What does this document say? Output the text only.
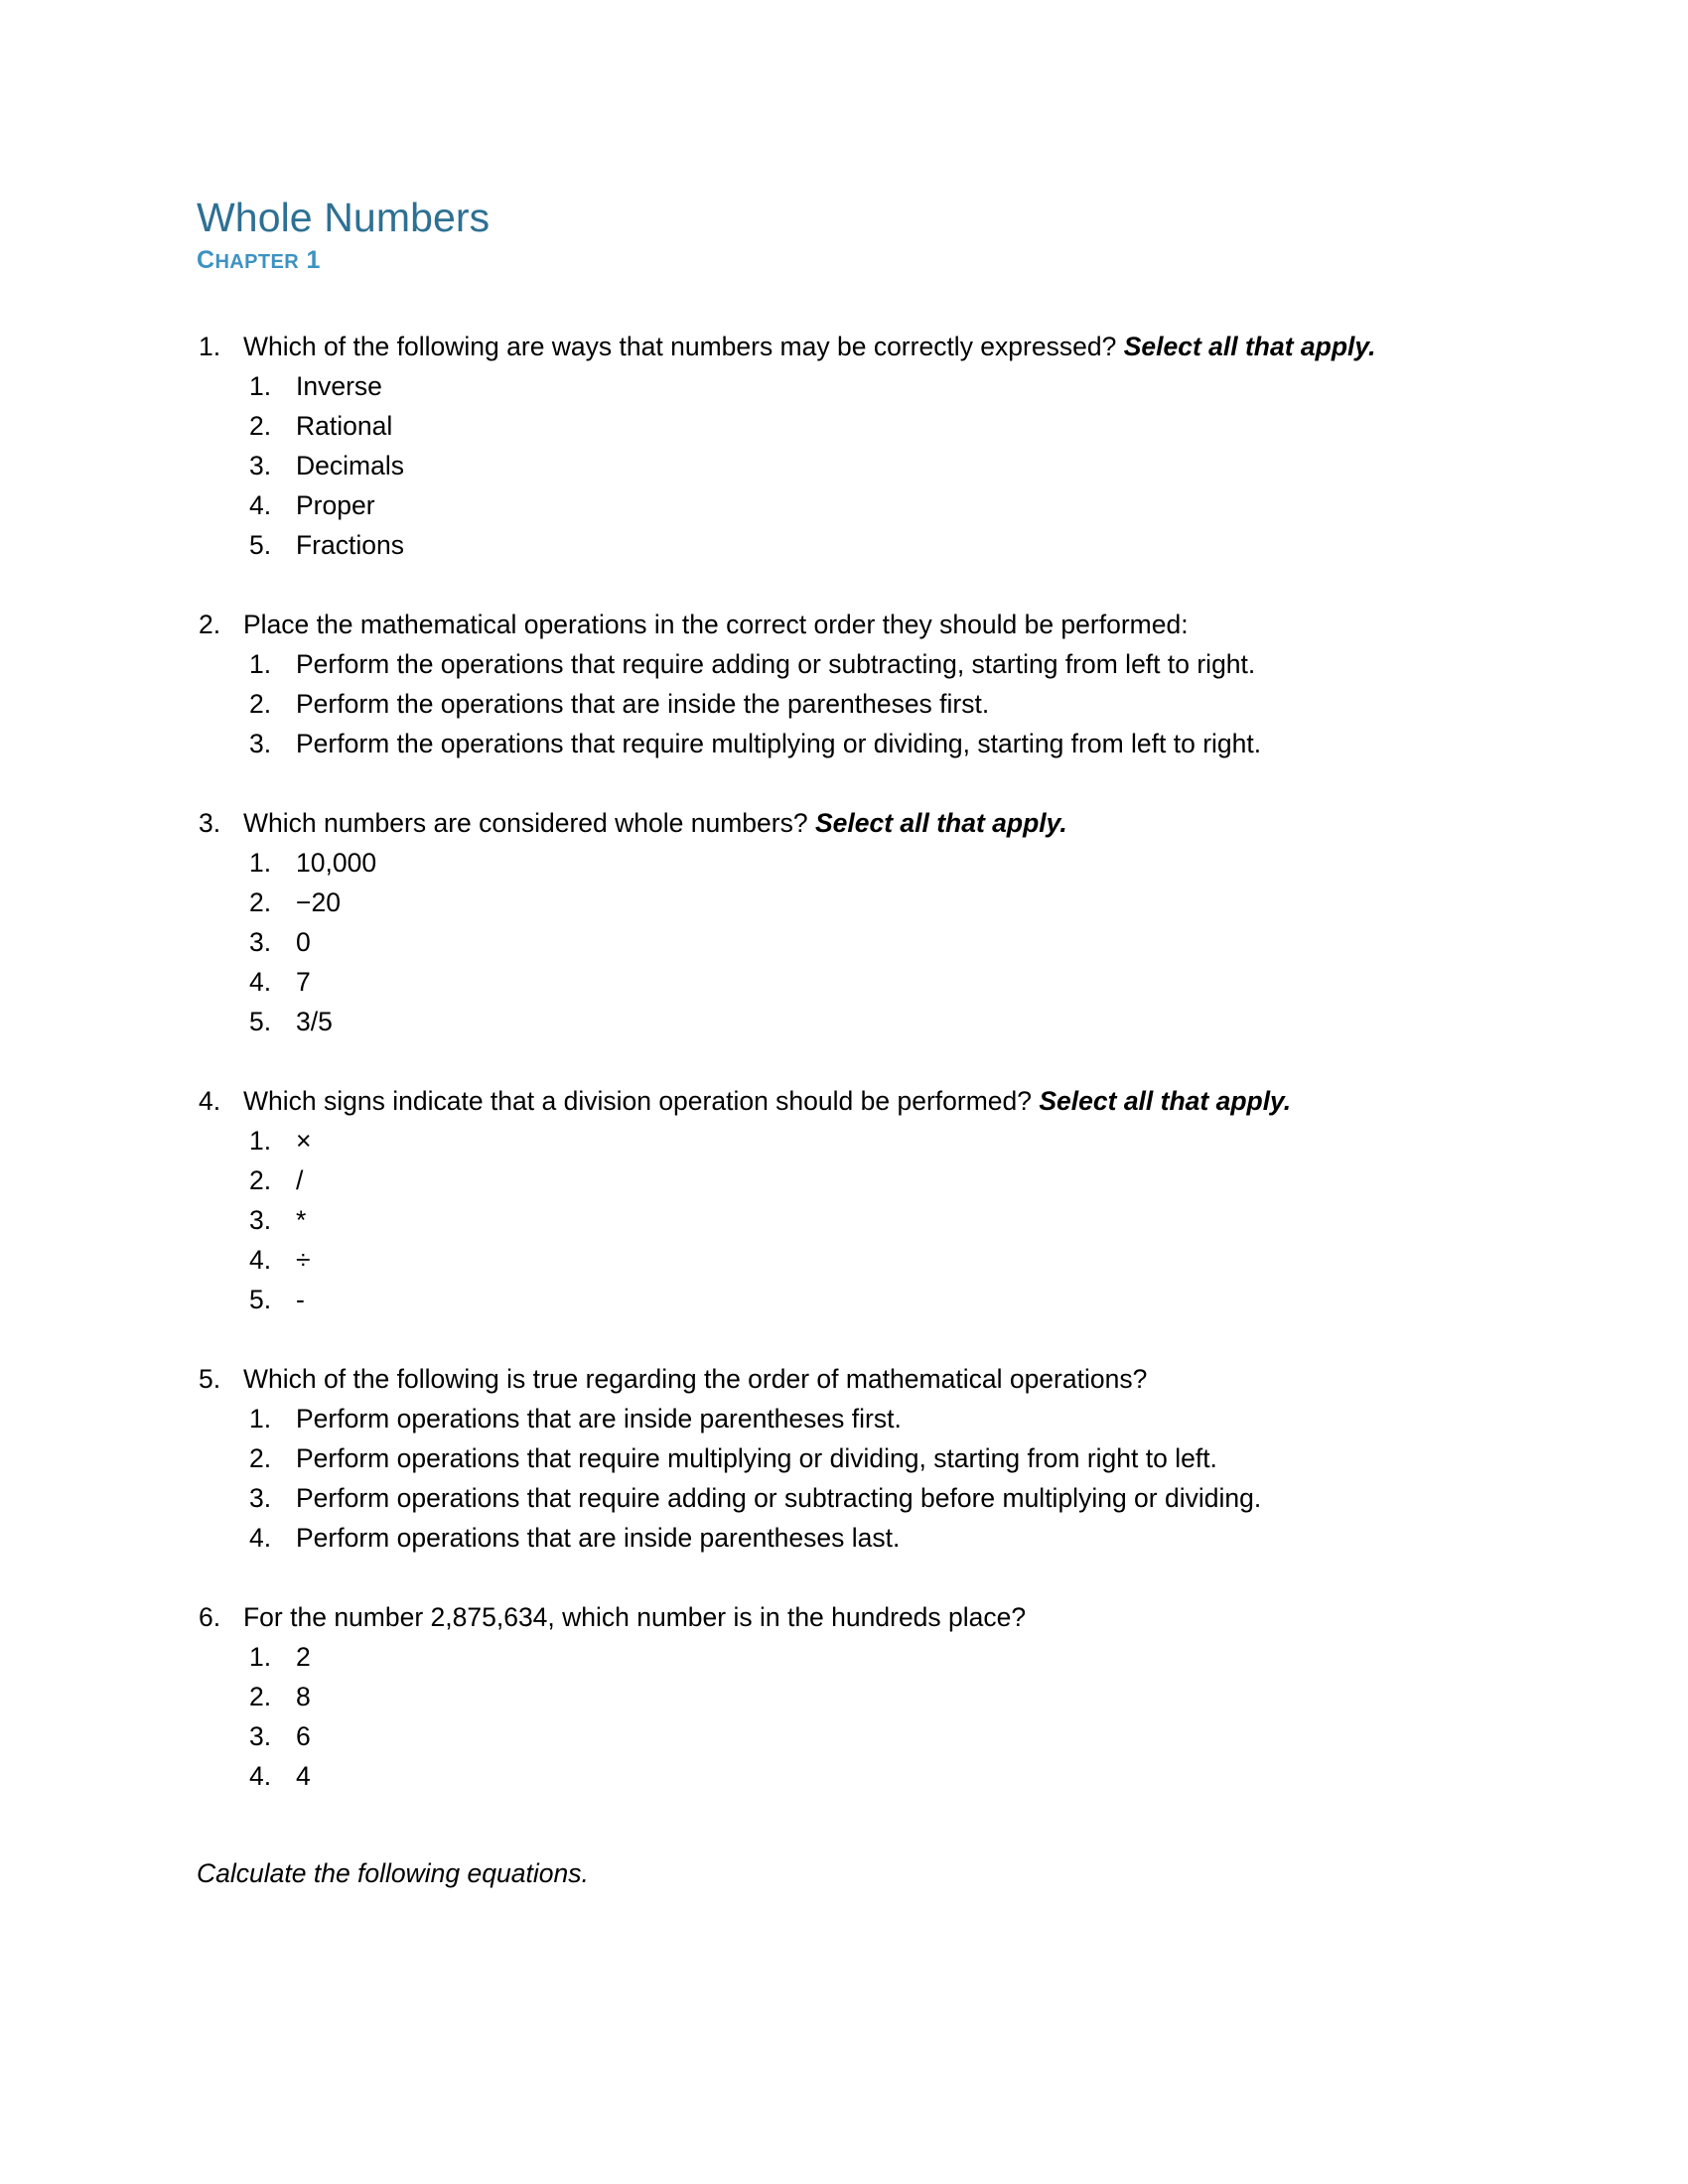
Whole Numbers
CHAPTER 1
1. Which of the following are ways that numbers may be correctly expressed? Select all that apply.
1. Inverse
2. Rational
3. Decimals
4. Proper
5. Fractions
2. Place the mathematical operations in the correct order they should be performed:
1. Perform the operations that require adding or subtracting, starting from left to right.
2. Perform the operations that are inside the parentheses first.
3. Perform the operations that require multiplying or dividing, starting from left to right.
3. Which numbers are considered whole numbers? Select all that apply.
1. 10,000
2. −20
3. 0
4. 7
5. 3/5
4. Which signs indicate that a division operation should be performed? Select all that apply.
1. ×
2. /
3. *
4. ÷
5. -
5. Which of the following is true regarding the order of mathematical operations?
1. Perform operations that are inside parentheses first.
2. Perform operations that require multiplying or dividing, starting from right to left.
3. Perform operations that require adding or subtracting before multiplying or dividing.
4. Perform operations that are inside parentheses last.
6. For the number 2,875,634, which number is in the hundreds place?
1. 2
2. 8
3. 6
4. 4
Calculate the following equations.
